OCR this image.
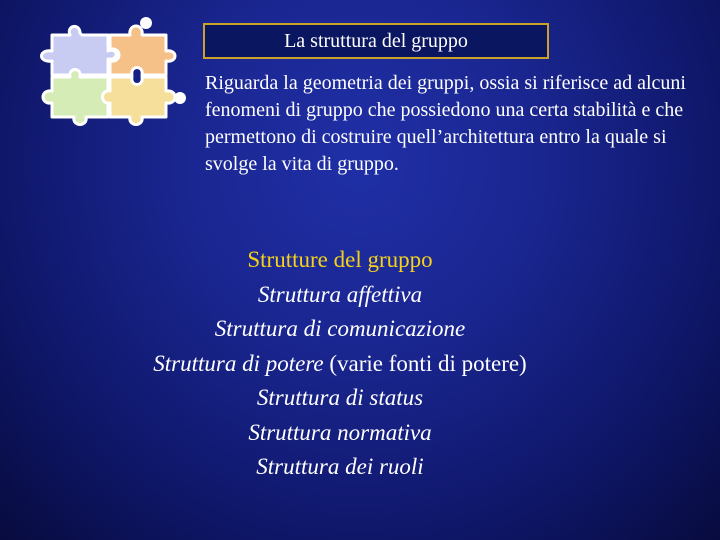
La struttura del gruppo
Riguarda la geometria dei gruppi, ossia si riferisce ad alcuni fenomeni di gruppo che possiedono una certa stabilità e che permettono di costruire quell’architettura entro la quale si svolge la vita di gruppo.
Strutture del gruppo
Struttura affettiva
Struttura di comunicazione
Struttura di potere (varie fonti di potere)
Struttura di status
Struttura normativa
Struttura dei ruoli
